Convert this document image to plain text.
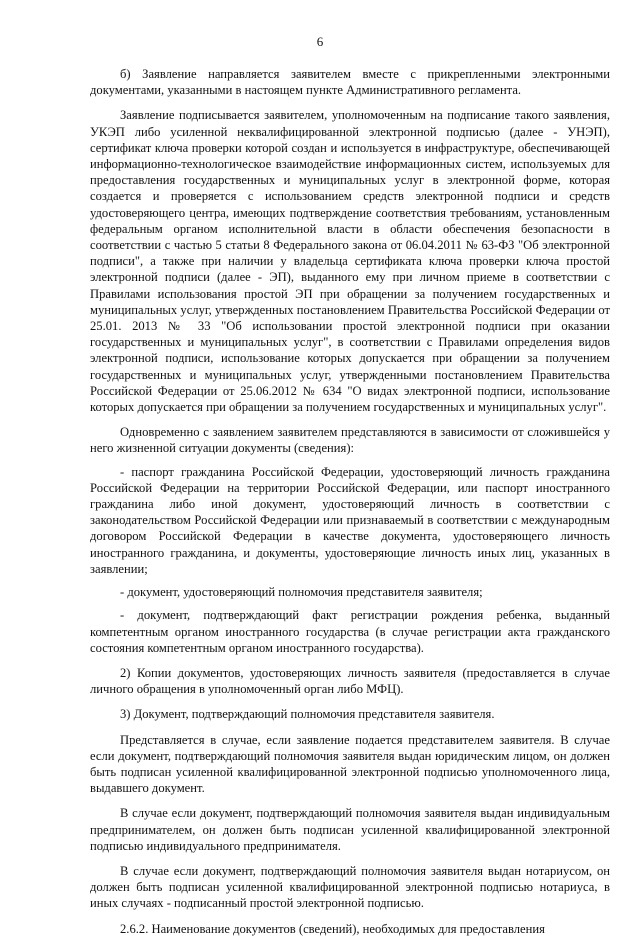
6

б) Заявление направляется заявителем вместе с прикрепленными электронными документами, указанными в настоящем пункте Административного регламента.

Заявление подписывается заявителем, уполномоченным на подписание такого заявления, УКЭП либо усиленной неквалифицированной электронной подписью (далее - УНЭП), сертификат ключа проверки которой создан и используется в инфраструктуре, обеспечивающей информационно-технологическое взаимодействие информационных систем, используемых для предоставления государственных и муниципальных услуг в электронной форме, которая создается и проверяется с использованием средств электронной подписи и средств удостоверяющего центра, имеющих подтверждение соответствия требованиям, установленным федеральным органом исполнительной власти в области обеспечения безопасности в соответствии с частью 5 статьи 8 Федерального закона от 06.04.2011 № 63-ФЗ "Об электронной подписи", а также при наличии у владельца сертификата ключа проверки ключа простой электронной подписи (далее - ЭП), выданного ему при личном приеме в соответствии с Правилами использования простой ЭП при обращении за получением государственных и муниципальных услуг, утвержденных постановлением Правительства Российской Федерации от 25.01. 2013 № 33 "Об использовании простой электронной подписи при оказании государственных и муниципальных услуг", в соответствии с Правилами определения видов электронной подписи, использование которых допускается при обращении за получением государственных и муниципальных услуг, утвержденными постановлением Правительства Российской Федерации от 25.06.2012 № 634 "О видах электронной подписи, использование которых допускается при обращении за получением государственных и муниципальных услуг".

Одновременно с заявлением заявителем представляются в зависимости от сложившейся у него жизненной ситуации документы (сведения):

- паспорт гражданина Российской Федерации, удостоверяющий личность гражданина Российской Федерации на территории Российской Федерации, или паспорт иностранного гражданина либо иной документ, удостоверяющий личность в соответствии с законодательством Российской Федерации или признаваемый в соответствии с международным договором Российской Федерации в качестве документа, удостоверяющего личность иностранного гражданина, и документы, удостоверяющие личность иных лиц, указанных в заявлении;

- документ, удостоверяющий полномочия представителя заявителя;

- документ, подтверждающий факт регистрации рождения ребенка, выданный компетентным органом иностранного государства (в случае регистрации акта гражданского состояния компетентным органом иностранного государства).

2) Копии документов, удостоверяющих личность заявителя (предоставляется в случае личного обращения в уполномоченный орган либо МФЦ).

3) Документ, подтверждающий полномочия представителя заявителя.

Представляется в случае, если заявление подается представителем заявителя. В случае если документ, подтверждающий полномочия заявителя выдан юридическим лицом, он должен быть подписан усиленной квалифицированной электронной подписью уполномоченного лица, выдавшего документ.

В случае если документ, подтверждающий полномочия заявителя выдан индивидуальным предпринимателем, он должен быть подписан усиленной квалифицированной электронной подписью индивидуального предпринимателя.

В случае если документ, подтверждающий полномочия заявителя выдан нотариусом, он должен быть подписан усиленной квалифицированной электронной подписью нотариуса, в иных случаях - подписанный простой электронной подписью.

2.6.2. Наименование документов (сведений), необходимых для предоставления
